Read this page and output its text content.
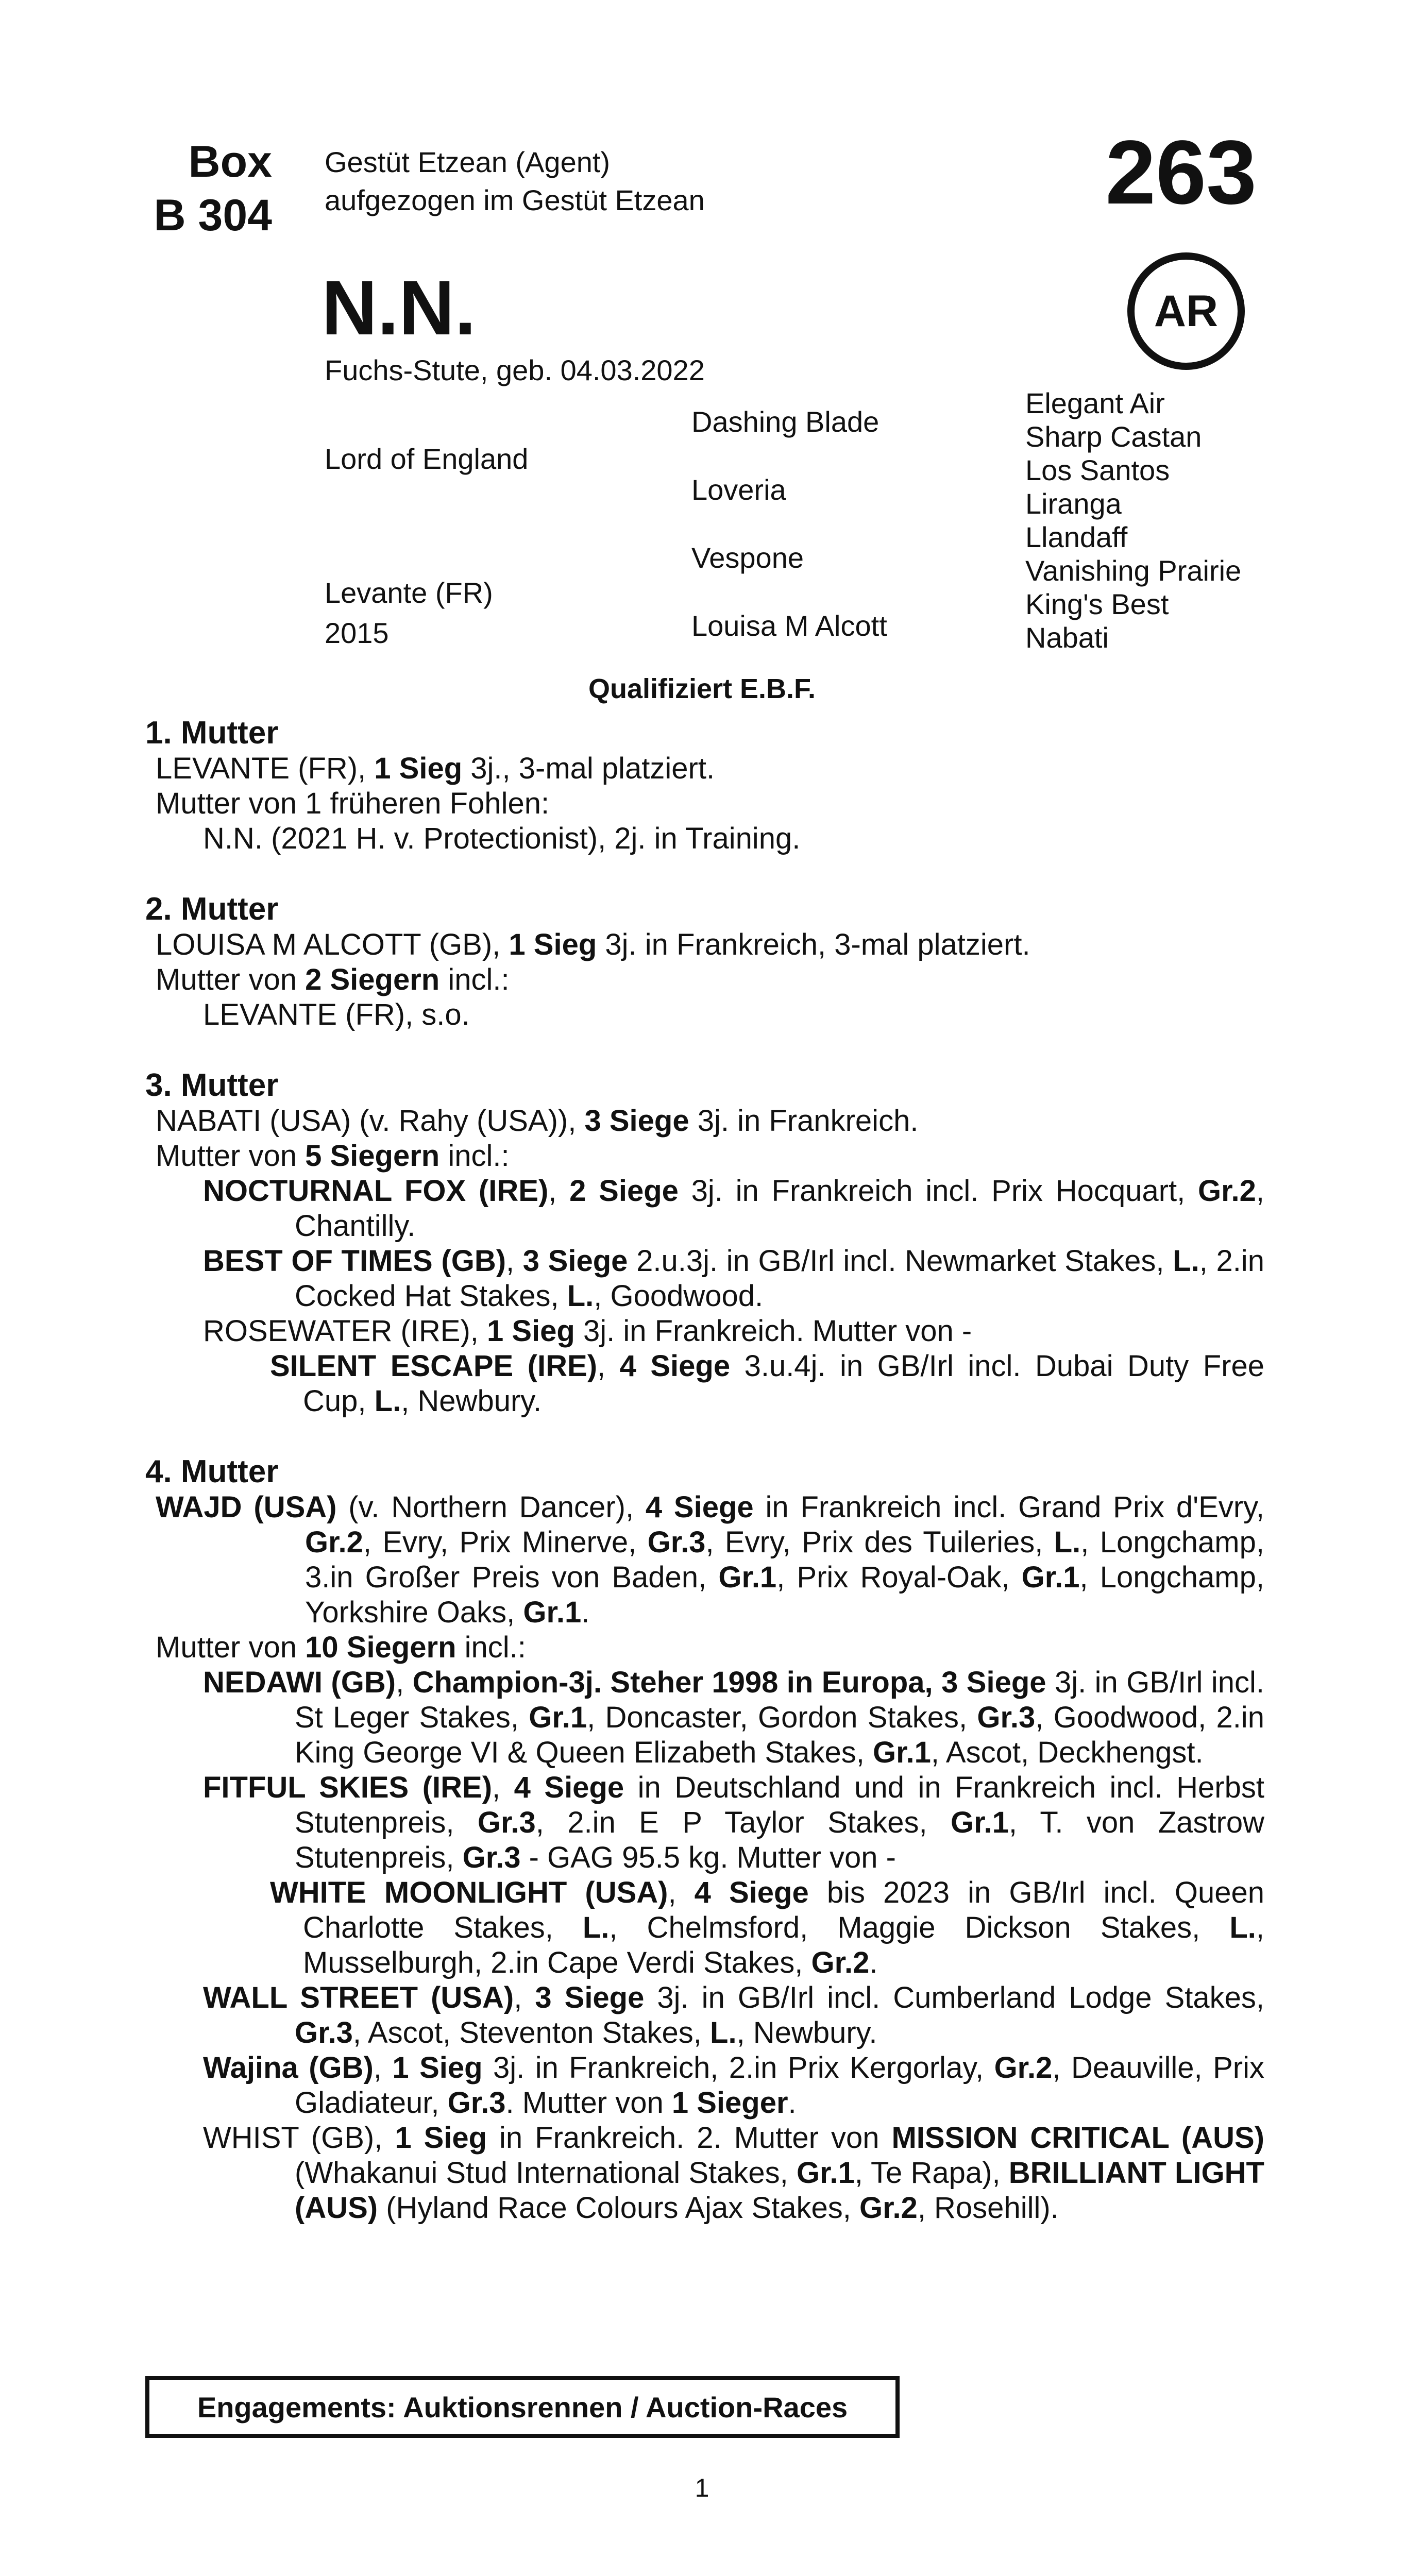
Box
B 304
Gestüt Etzean (Agent)
aufgezogen im Gestüt Etzean	263
AR
N.N.
Fuchs-Stute, geb. 04.03.2022
Lord of England
Levante (FR)
2015
Dashing Blade
Loveria
Vespone
Louisa M Alcott
Elegant Air
Sharp Castan
Los Santos
Liranga
Llandaff
Vanishing Prairie
King's Best
Nabati
Qualifiziert E.B.F.
1. Mutter
LEVANTE (FR), 1 Sieg 3j., 3-mal platziert.
Mutter von 1 früheren Fohlen:
N.N. (2021 H. v. Protectionist), 2j. in Training.
2. Mutter
LOUISA M ALCOTT (GB), 1 Sieg 3j. in Frankreich, 3-mal platziert.
Mutter von 2 Siegern incl.:
LEVANTE (FR), s.o.
3. Mutter
NABATI (USA) (v. Rahy (USA)), 3 Siege 3j. in Frankreich.
Mutter von 5 Siegern incl.:
NOCTURNAL FOX (IRE), 2 Siege 3j. in Frankreich incl. Prix Hocquart, Gr.2, Chantilly.
BEST OF TIMES (GB), 3 Siege 2.u.3j. in GB/Irl incl. Newmarket Stakes, L., 2.in Cocked Hat Stakes, L., Goodwood.
ROSEWATER (IRE), 1 Sieg 3j. in Frankreich. Mutter von -
SILENT ESCAPE (IRE), 4 Siege 3.u.4j. in GB/Irl incl. Dubai Duty Free Cup, L., Newbury.
4. Mutter
WAJD (USA) (v. Northern Dancer), 4 Siege in Frankreich incl. Grand Prix d'Evry, Gr.2, Evry, Prix Minerve, Gr.3, Evry, Prix des Tuileries, L., Longchamp, 3.in Großer Preis von Baden, Gr.1, Prix Royal-Oak, Gr.1, Longchamp, Yorkshire Oaks, Gr.1.
Mutter von 10 Siegern incl.:
NEDAWI (GB), Champion-3j. Steher 1998 in Europa, 3 Siege 3j. in GB/Irl incl. St Leger Stakes, Gr.1, Doncaster, Gordon Stakes, Gr.3, Goodwood, 2.in King George VI & Queen Elizabeth Stakes, Gr.1, Ascot, Deckhengst.
FITFUL SKIES (IRE), 4 Siege in Deutschland und in Frankreich incl. Herbst Stutenpreis, Gr.3, 2.in E P Taylor Stakes, Gr.1, T. von Zastrow Stutenpreis, Gr.3 - GAG 95.5 kg. Mutter von -
WHITE MOONLIGHT (USA), 4 Siege bis 2023 in GB/Irl incl. Queen Charlotte Stakes, L., Chelmsford, Maggie Dickson Stakes, L., Musselburgh, 2.in Cape Verdi Stakes, Gr.2.
WALL STREET (USA), 3 Siege 3j. in GB/Irl incl. Cumberland Lodge Stakes, Gr.3, Ascot, Steventon Stakes, L., Newbury.
Wajina (GB), 1 Sieg 3j. in Frankreich, 2.in Prix Kergorlay, Gr.2, Deauville, Prix Gladiateur, Gr.3. Mutter von 1 Sieger.
WHIST (GB), 1 Sieg in Frankreich. 2. Mutter von MISSION CRITICAL (AUS) (Whakanui Stud International Stakes, Gr.1, Te Rapa), BRILLIANT LIGHT (AUS) (Hyland Race Colours Ajax Stakes, Gr.2, Rosehill).
Engagements: Auktionsrennen / Auction-Races
1
